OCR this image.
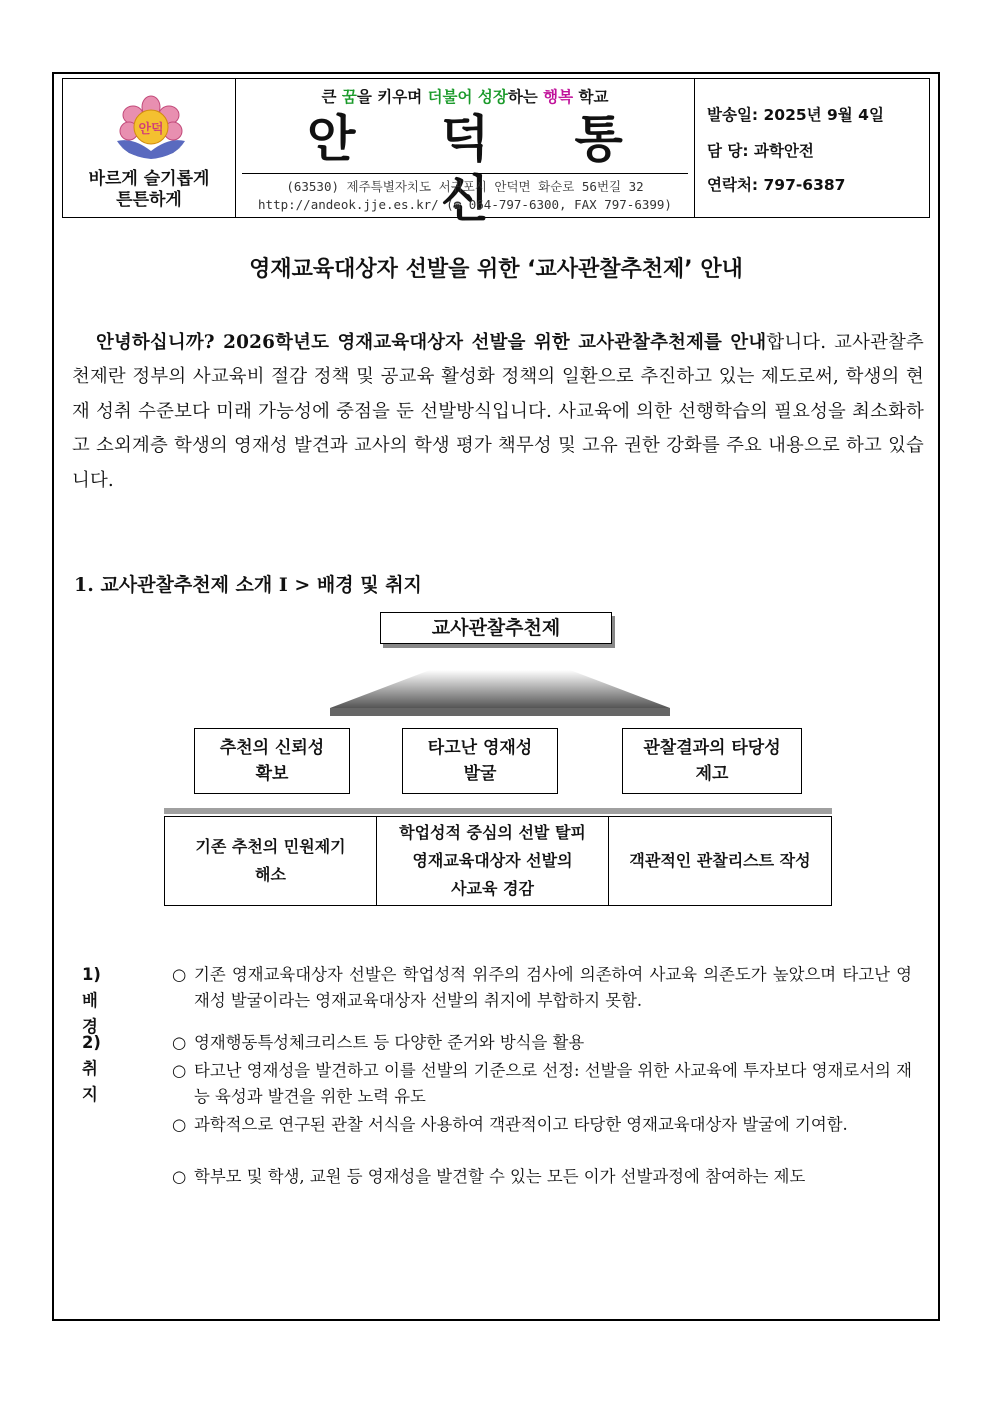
안덕
바르게 슬기롭게
튼튼하게
큰 꿈을 키우며 더불어 성장하는 행복 학교
안 덕 통 신
(63530) 제주특별자치도 서귀포시 안덕면 화순로 56번길 32
http://andeok.jje.es.kr/ (☎ 064-797-6300, FAX 797-6399)
발송일: 2025년 9월 4일
담 당: 과학안전
연락처: 797-6387
영재교육대상자 선발을 위한 ‘교사관찰추천제’ 안내

안녕하십니까? 2026학년도 영재교육대상자 선발을 위한 교사관찰추천제를 안내합니다. 교사관찰추천제란 정부의 사교육비 절감 정책 및 공교육 활성화 정책의 일환으로 추진하고 있는 제도로써, 학생의 현재 성취 수준보다 미래 가능성에 중점을 둔 선발방식입니다. 사교육에 의한 선행학습의 필요성을 최소화하고 소외계층 학생의 영재성 발견과 교사의 학생 평가 책무성 및 고유 권한 강화를 주요 내용으로 하고 있습니다.

1. 교사관찰추천제 소개 I > 배경 및 취지
교사관찰추천제
추천의 신뢰성
확보
타고난 영재성
발굴
관찰결과의 타당성
제고
기존 추천의 민원제기
해소
학업성적 중심의 선발 탈피
영재교육대상자 선발의
사교육 경감
객관적인 관찰리스트 작성
1) 배경
○ 기존 영재교육대상자 선발은 학업성적 위주의 검사에 의존하여 사교육 의존도가 높았으며 타고난 영재성 발굴이라는 영재교육대상자 선발의 취지에 부합하지 못함.
2) 취지
○ 영재행동특성체크리스트 등 다양한 준거와 방식을 활용
○ 타고난 영재성을 발견하고 이를 선발의 기준으로 선정: 선발을 위한 사교육에 투자보다 영재로서의 재능 육성과 발견을 위한 노력 유도
○ 과학적으로 연구된 관찰 서식을 사용하여 객관적이고 타당한 영재교육대상자 발굴에 기여함.
○ 학부모 및 학생, 교원 등 영재성을 발견할 수 있는 모든 이가 선발과정에 참여하는 제도
